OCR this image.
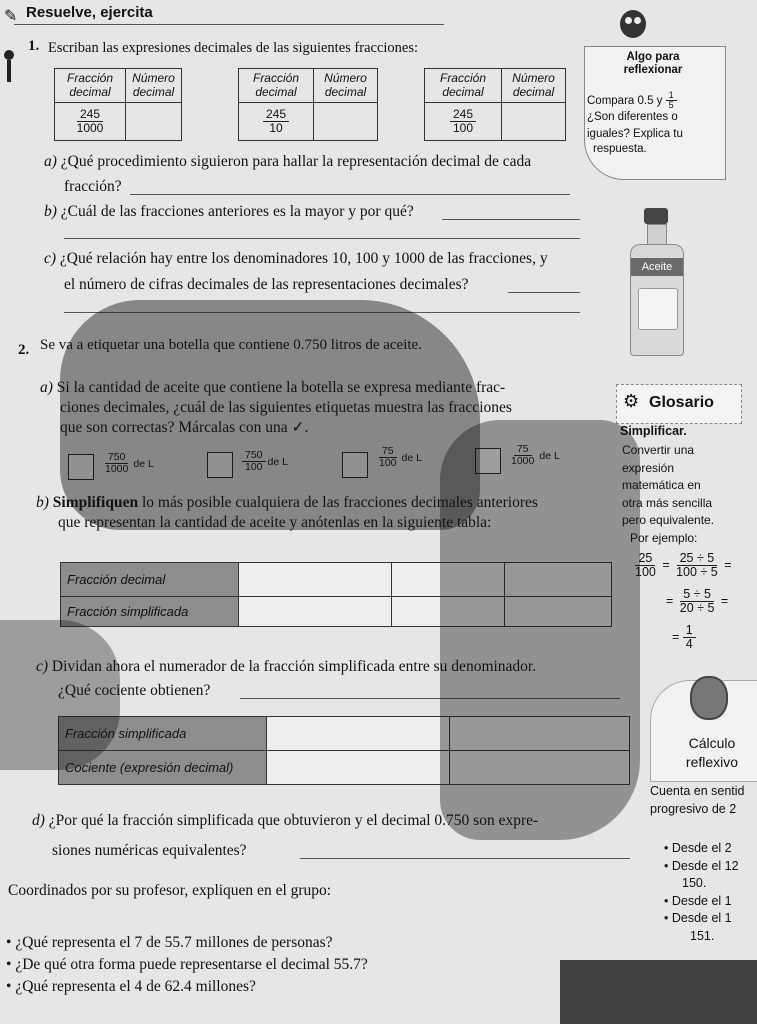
Resuelve, ejercita
✎
1. Escriban las expresiones decimales de las siguientes fracciones:
Fracción decimal	Número decimal

$\frac{245}{1000}$

Fracción decimal	Número decimal

$\frac{245}{10}$

Fracción decimal	Número decimal

$\frac{245}{100}$

Algo para reflexionar
Compara 0.5 y $\frac{1}{5}$
¿Son diferentes o
iguales? Explica tu
respuesta.
a) ¿Qué procedimiento siguieron para hallar la representación decimal de cada
fracción?
b) ¿Cuál de las fracciones anteriores es la mayor y por qué?
c) ¿Qué relación hay entre los denominadores 10, 100 y 1000 de las fracciones, y
el número de cifras decimales de las representaciones decimales?
Aceite
2. Se va a etiquetar una botella que contiene 0.750 litros de aceite.
a) Si la cantidad de aceite que contiene la botella se expresa mediante frac-
ciones decimales, ¿cuál de las siguientes etiquetas muestra las fracciones
que son correctas? Márcalas con una ✓.
$\frac{750}{1000}$ de L	$\frac{750}{100}$ de L	$\frac{75}{100}$ de L	$\frac{75}{1000}$ de L
b) Simplifiquen lo más posible cualquiera de las fracciones decimales anteriores
que representan la cantidad de aceite y anótenlas en la siguiente tabla:
Fracción decimal			
Fracción simplificada			
c) Dividan ahora el numerador de la fracción simplificada entre su denominador.
¿Qué cociente obtienen?
Fracción simplificada		
Cociente (expresión decimal)		
d) ¿Por qué la fracción simplificada que obtuvieron y el decimal 0.750 son expre-
siones numéricas equivalentes?
Coordinados por su profesor, expliquen en el grupo:
• ¿Qué representa el 7 de 55.7 millones de personas?
• ¿De qué otra forma puede representarse el decimal 55.7?
• ¿Qué representa el 4 de 62.4 millones?
⚙ Glosario
Simplificar.
Convertir una
expresión
matemática en
otra más sencilla
pero equivalente.
Por ejemplo:
$\frac{25}{100} = \frac{25 \div 5}{100 \div 5}$ =
= $\frac{5 \div 5}{20 \div 5}$ =
= $\frac{1}{4}$
Cálculo
reflexivo
Cuenta en sentid
progresivo de 2
• Desde el 2
• Desde el 12
150.
• Desde el 1
• Desde el 1
151.
